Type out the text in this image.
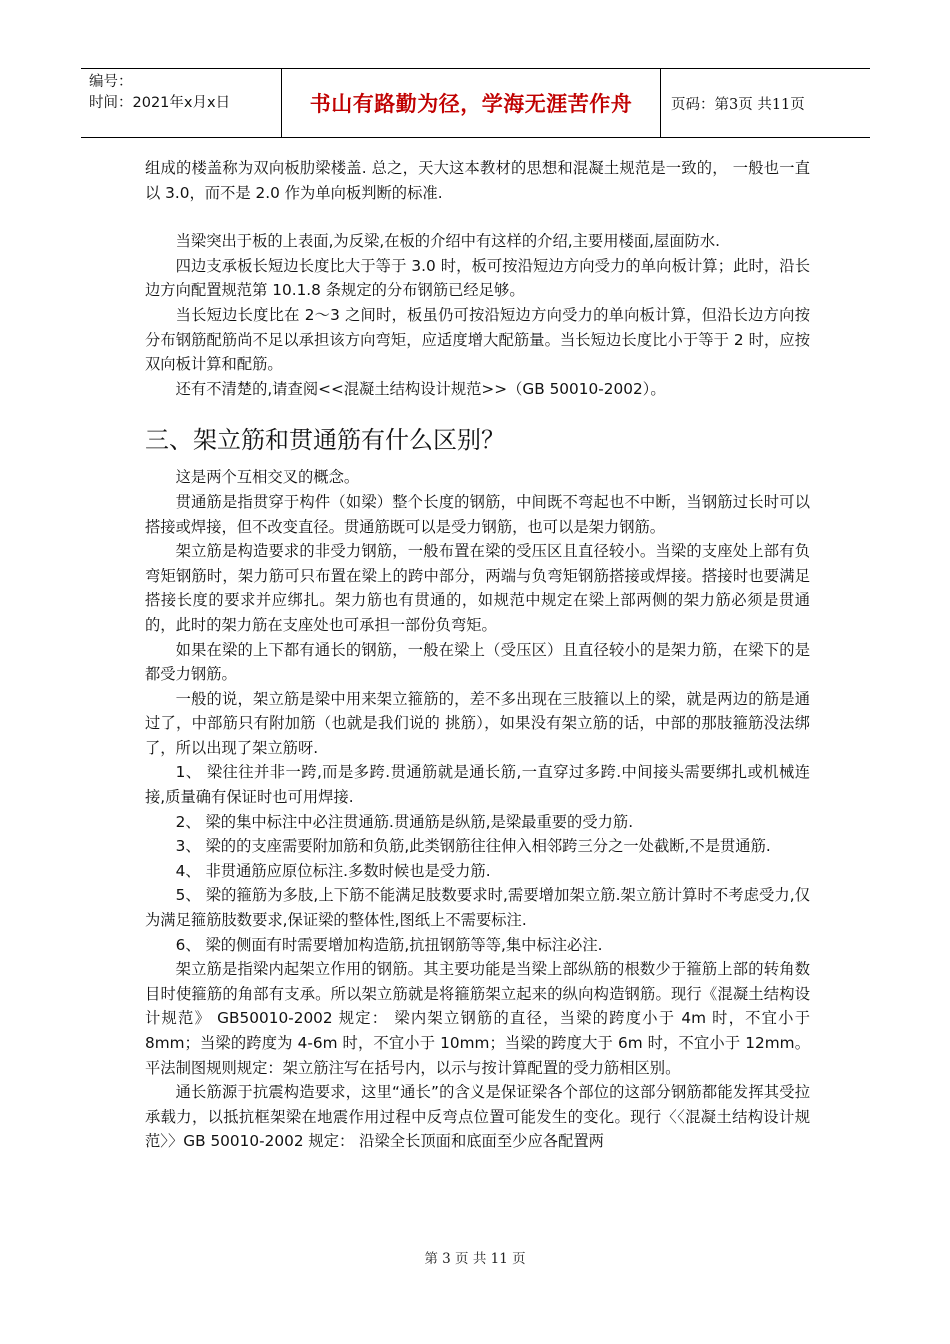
编号：
时间：2021年x月x日	书山有路勤为径，学海无涯苦作舟	页码：第3页 共11页

组成的楼盖称为双向板肋梁楼盖. 总之，天大这本教材的思想和混凝土规范是一致的， 一般也一直以 3.0，而不是 2.0 作为单向板判断的标准.

当梁突出于板的上表面,为反梁,在板的介绍中有这样的介绍,主要用楼面,屋面防水.

四边支承板长短边长度比大于等于 3.0 时，板可按沿短边方向受力的单向板计算；此时，沿长边方向配置规范第 10.1.8 条规定的分布钢筋已经足够。

当长短边长度比在 2～3 之间时，板虽仍可按沿短边方向受力的单向板计算，但沿长边方向按分布钢筋配筋尚不足以承担该方向弯矩，应适度增大配筋量。当长短边长度比小于等于 2 时，应按双向板计算和配筋。

还有不清楚的,请查阅<<混凝土结构设计规范>>（GB 50010-2002）。

三、架立筋和贯通筋有什么区别？

这是两个互相交叉的概念。

贯通筋是指贯穿于构件（如梁）整个长度的钢筋，中间既不弯起也不中断，当钢筋过长时可以搭接或焊接，但不改变直径。贯通筋既可以是受力钢筋，也可以是架力钢筋。

架立筋是构造要求的非受力钢筋，一般布置在梁的受压区且直径较小。当梁的支座处上部有负弯矩钢筋时，架力筋可只布置在梁上的跨中部分，两端与负弯矩钢筋搭接或焊接。搭接时也要满足搭接长度的要求并应绑扎。架力筋也有贯通的，如规范中规定在梁上部两侧的架力筋必须是贯通的，此时的架力筋在支座处也可承担一部份负弯矩。

如果在梁的上下都有通长的钢筋，一般在梁上（受压区）且直径较小的是架力筋，在梁下的是都受力钢筋。

一般的说，架立筋是梁中用来架立箍筋的，差不多出现在三肢箍以上的梁，就是两边的筋是通过了，中部筋只有附加筋（也就是我们说的 挑筋），如果没有架立筋的话，中部的那肢箍筋没法绑了，所以出现了架立筋呀.

1、 梁往往并非一跨,而是多跨.贯通筋就是通长筋,一直穿过多跨.中间接头需要绑扎或机械连接,质量确有保证时也可用焊接.

2、 梁的集中标注中必注贯通筋.贯通筋是纵筋,是梁最重要的受力筋.

3、 梁的的支座需要附加筋和负筋,此类钢筋往往伸入相邻跨三分之一处截断,不是贯通筋.

4、 非贯通筋应原位标注.多数时候也是受力筋.

5、 梁的箍筋为多肢,上下筋不能满足肢数要求时,需要增加架立筋.架立筋计算时不考虑受力,仅为满足箍筋肢数要求,保证梁的整体性,图纸上不需要标注.

6、 梁的侧面有时需要增加构造筋,抗扭钢筋等等,集中标注必注.

架立筋是指梁内起架立作用的钢筋。其主要功能是当梁上部纵筋的根数少于箍筋上部的转角数目时使箍筋的角部有支承。所以架立筋就是将箍筋架立起来的纵向构造钢筋。现行《混凝土结构设计规范》 GB50010-2002 规定： 梁内架立钢筋的直径，当梁的跨度小于 4m 时，不宜小于 8mm；当梁的跨度为 4-6m 时，不宜小于 10mm；当梁的跨度大于 6m 时，不宜小于 12mm。平法制图规则规定：架立筋注写在括号内，以示与按计算配置的受力筋相区别。

通长筋源于抗震构造要求，这里“通长”的含义是保证梁各个部位的这部分钢筋都能发挥其受拉承载力，以抵抗框架梁在地震作用过程中反弯点位置可能发生的变化。现行〈〈混凝土结构设计规范〉〉GB 50010-2002 规定： 沿梁全长顶面和底面至少应各配置两

第 3 页 共 11 页
